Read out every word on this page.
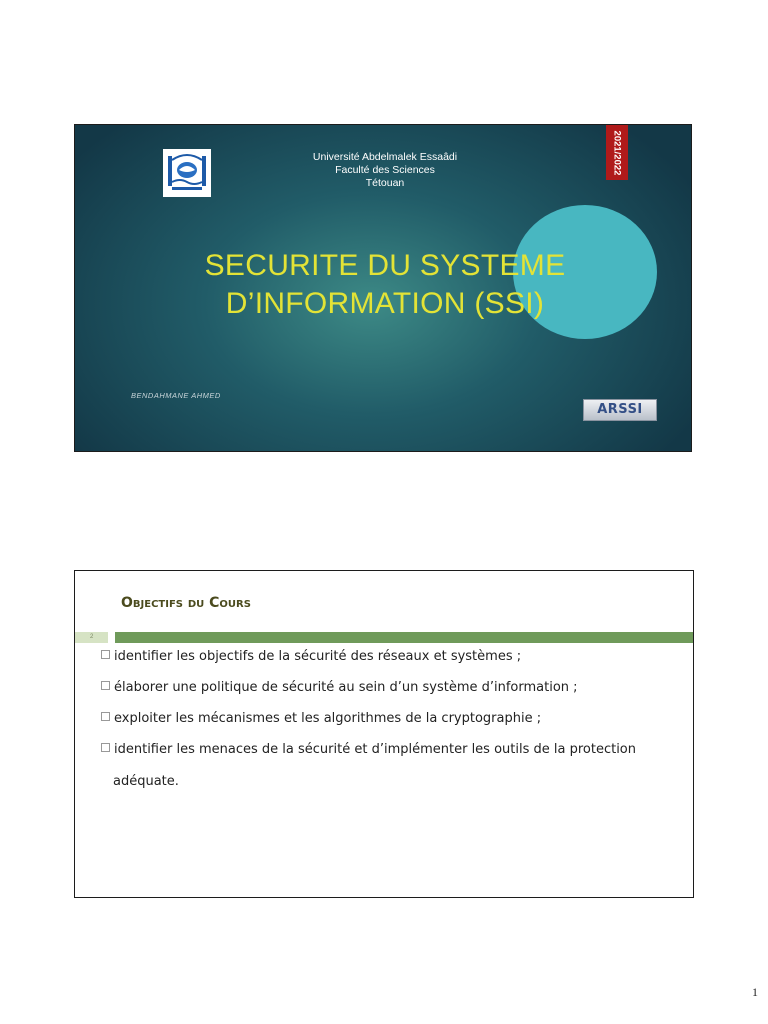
Université Abdelmalek Essaâdi
Faculté des Sciences
Tétouan
2021/2022
SECURITE DU SYSTEME
D’INFORMATION (SSI)
BENDAHMANE AHMED
ARSSI
Objectifs du Cours
2
identifier les objectifs de la sécurité des réseaux et systèmes ;
élaborer une politique de sécurité au sein d’un système d’information ;
exploiter les mécanismes et les algorithmes de la cryptographie ;
identifier les menaces de la sécurité et d’implémenter les outils de la protection
adéquate.
1
